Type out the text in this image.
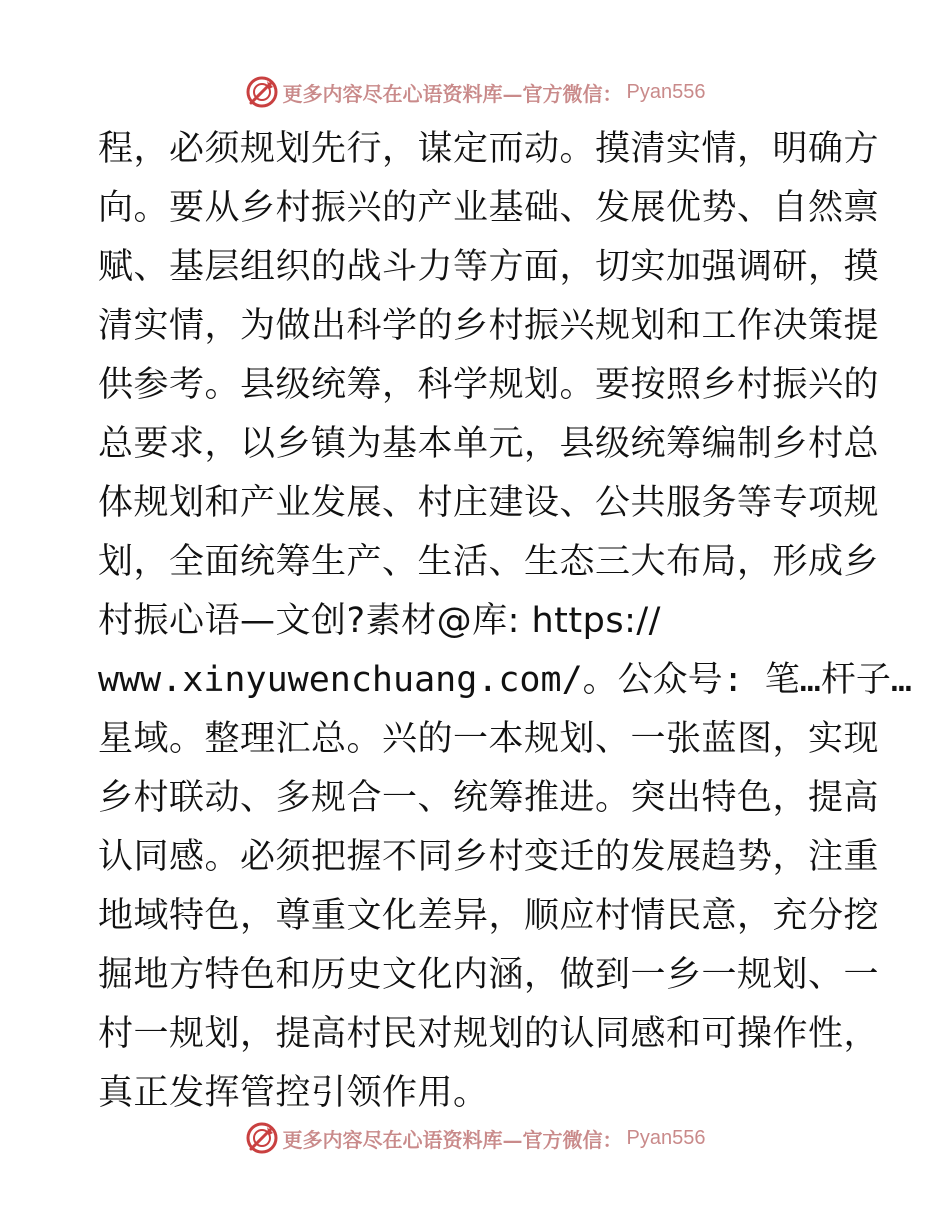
更多内容尽在心语资料库—官方微信： Pyan556
程，必须规划先行，谋定而动。摸清实情，明确方
向。要从乡村振兴的产业基础、发展优势、自然禀
赋、基层组织的战斗力等方面，切实加强调研，摸
清实情，为做出科学的乡村振兴规划和工作决策提
供参考。县级统筹，科学规划。要按照乡村振兴的
总要求，以乡镇为基本单元，县级统筹编制乡村总
体规划和产业发展、村庄建设、公共服务等专项规
划，全面统筹生产、生活、生态三大布局，形成乡
村振心语—文创?素材@库: https://
www.xinyuwenchuang.com/。公众号: 笔…杆子…
星域。整理汇总。兴的一本规划、一张蓝图，实现
乡村联动、多规合一、统筹推进。突出特色，提高
认同感。必须把握不同乡村变迁的发展趋势，注重
地域特色，尊重文化差异，顺应村情民意，充分挖
掘地方特色和历史文化内涵，做到一乡一规划、一
村一规划，提高村民对规划的认同感和可操作性，
真正发挥管控引领作用。
更多内容尽在心语资料库—官方微信： Pyan556
